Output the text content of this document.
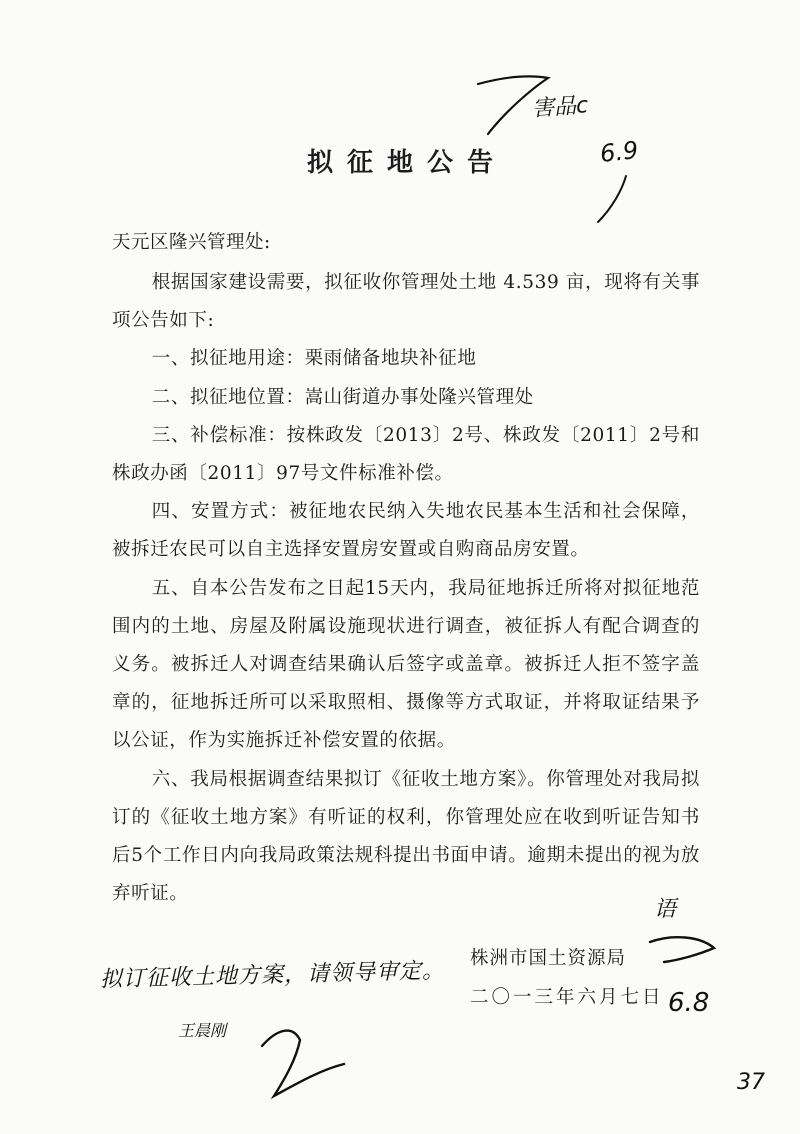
害品c
6.9
拟征地公告
天元区隆兴管理处:

根据国家建设需要，拟征收你管理处土地 4.539 亩，现将有关事项公告如下:

一、拟征地用途：栗雨储备地块补征地

二、拟征地位置：嵩山街道办事处隆兴管理处

三、补偿标准：按株政发〔2013〕2号、株政发〔2011〕2号和株政办函〔2011〕97号文件标准补偿。

四、安置方式：被征地农民纳入失地农民基本生活和社会保障，被拆迁农民可以自主选择安置房安置或自购商品房安置。

五、自本公告发布之日起15天内，我局征地拆迁所将对拟征地范围内的土地、房屋及附属设施现状进行调查，被征拆人有配合调查的义务。被拆迁人对调查结果确认后签字或盖章。被拆迁人拒不签字盖章的，征地拆迁所可以采取照相、摄像等方式取证，并将取证结果予以公证，作为实施拆迁补偿安置的依据。

六、我局根据调查结果拟订《征收土地方案》。你管理处对我局拟订的《征收土地方案》有听证的权利，你管理处应在收到听证告知书后5个工作日内向我局政策法规科提出书面申请。逾期未提出的视为放弃听证。

株洲市国土资源局
二〇一三年六月七日
语
6.8
拟订征收土地方案，请领导审定。
王晨刚
37
